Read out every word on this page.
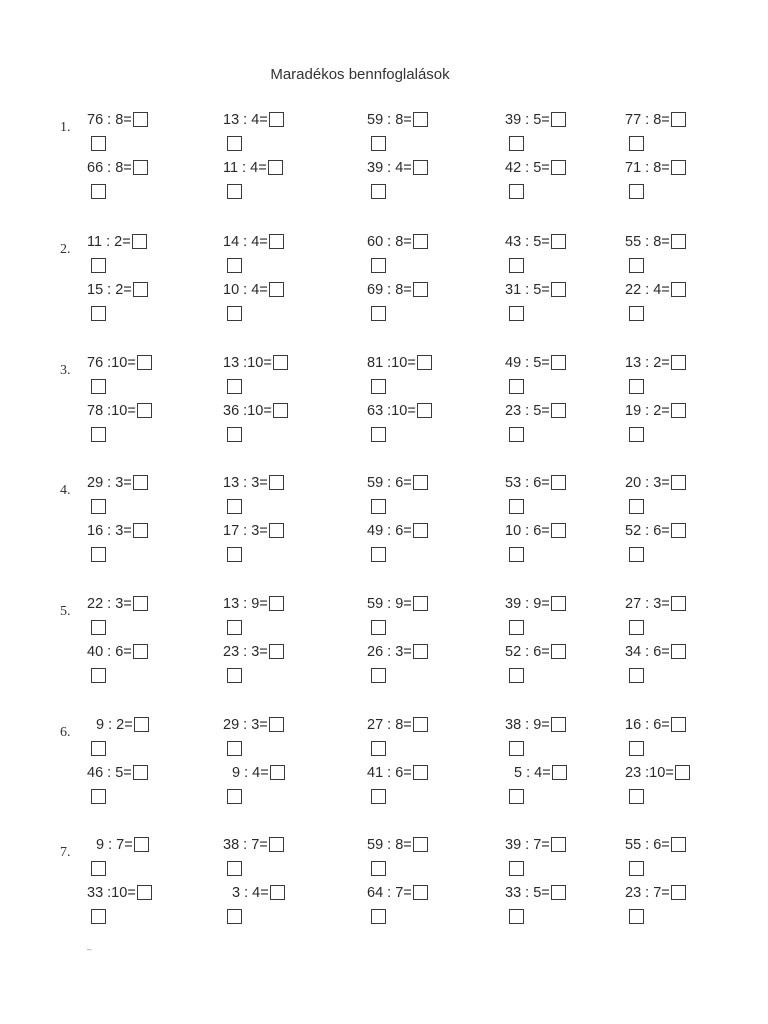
Maradékos bennfoglalások
1. 76 : 8=	13 : 4=	59 : 8=	39 : 5=	77 : 8=
66 : 8=	11 : 4=	39 : 4=	42 : 5=	71 : 8=
2. 11 : 2=	14 : 4=	60 : 8=	43 : 5=	55 : 8=
15 : 2=	10 : 4=	69 : 8=	31 : 5=	22 : 4=
3. 76 :10=	13 :10=	81 :10=	49 : 5=	13 : 2=
78 :10=	36 :10=	63 :10=	23 : 5=	19 : 2=
4. 29 : 3=	13 : 3=	59 : 6=	53 : 6=	20 : 3=
16 : 3=	17 : 3=	49 : 6=	10 : 6=	52 : 6=
5. 22 : 3=	13 : 9=	59 : 9=	39 : 9=	27 : 3=
40 : 6=	23 : 3=	26 : 3=	52 : 6=	34 : 6=
6. 9 : 2=	29 : 3=	27 : 8=	38 : 9=	16 : 6=
46 : 5=	9 : 4=	41 : 6=	5 : 4=	23 :10=
7. 9 : 7=	38 : 7=	59 : 8=	39 : 7=	55 : 6=
33 :10=	3 : 4=	64 : 7=	33 : 5=	23 : 7=
–
